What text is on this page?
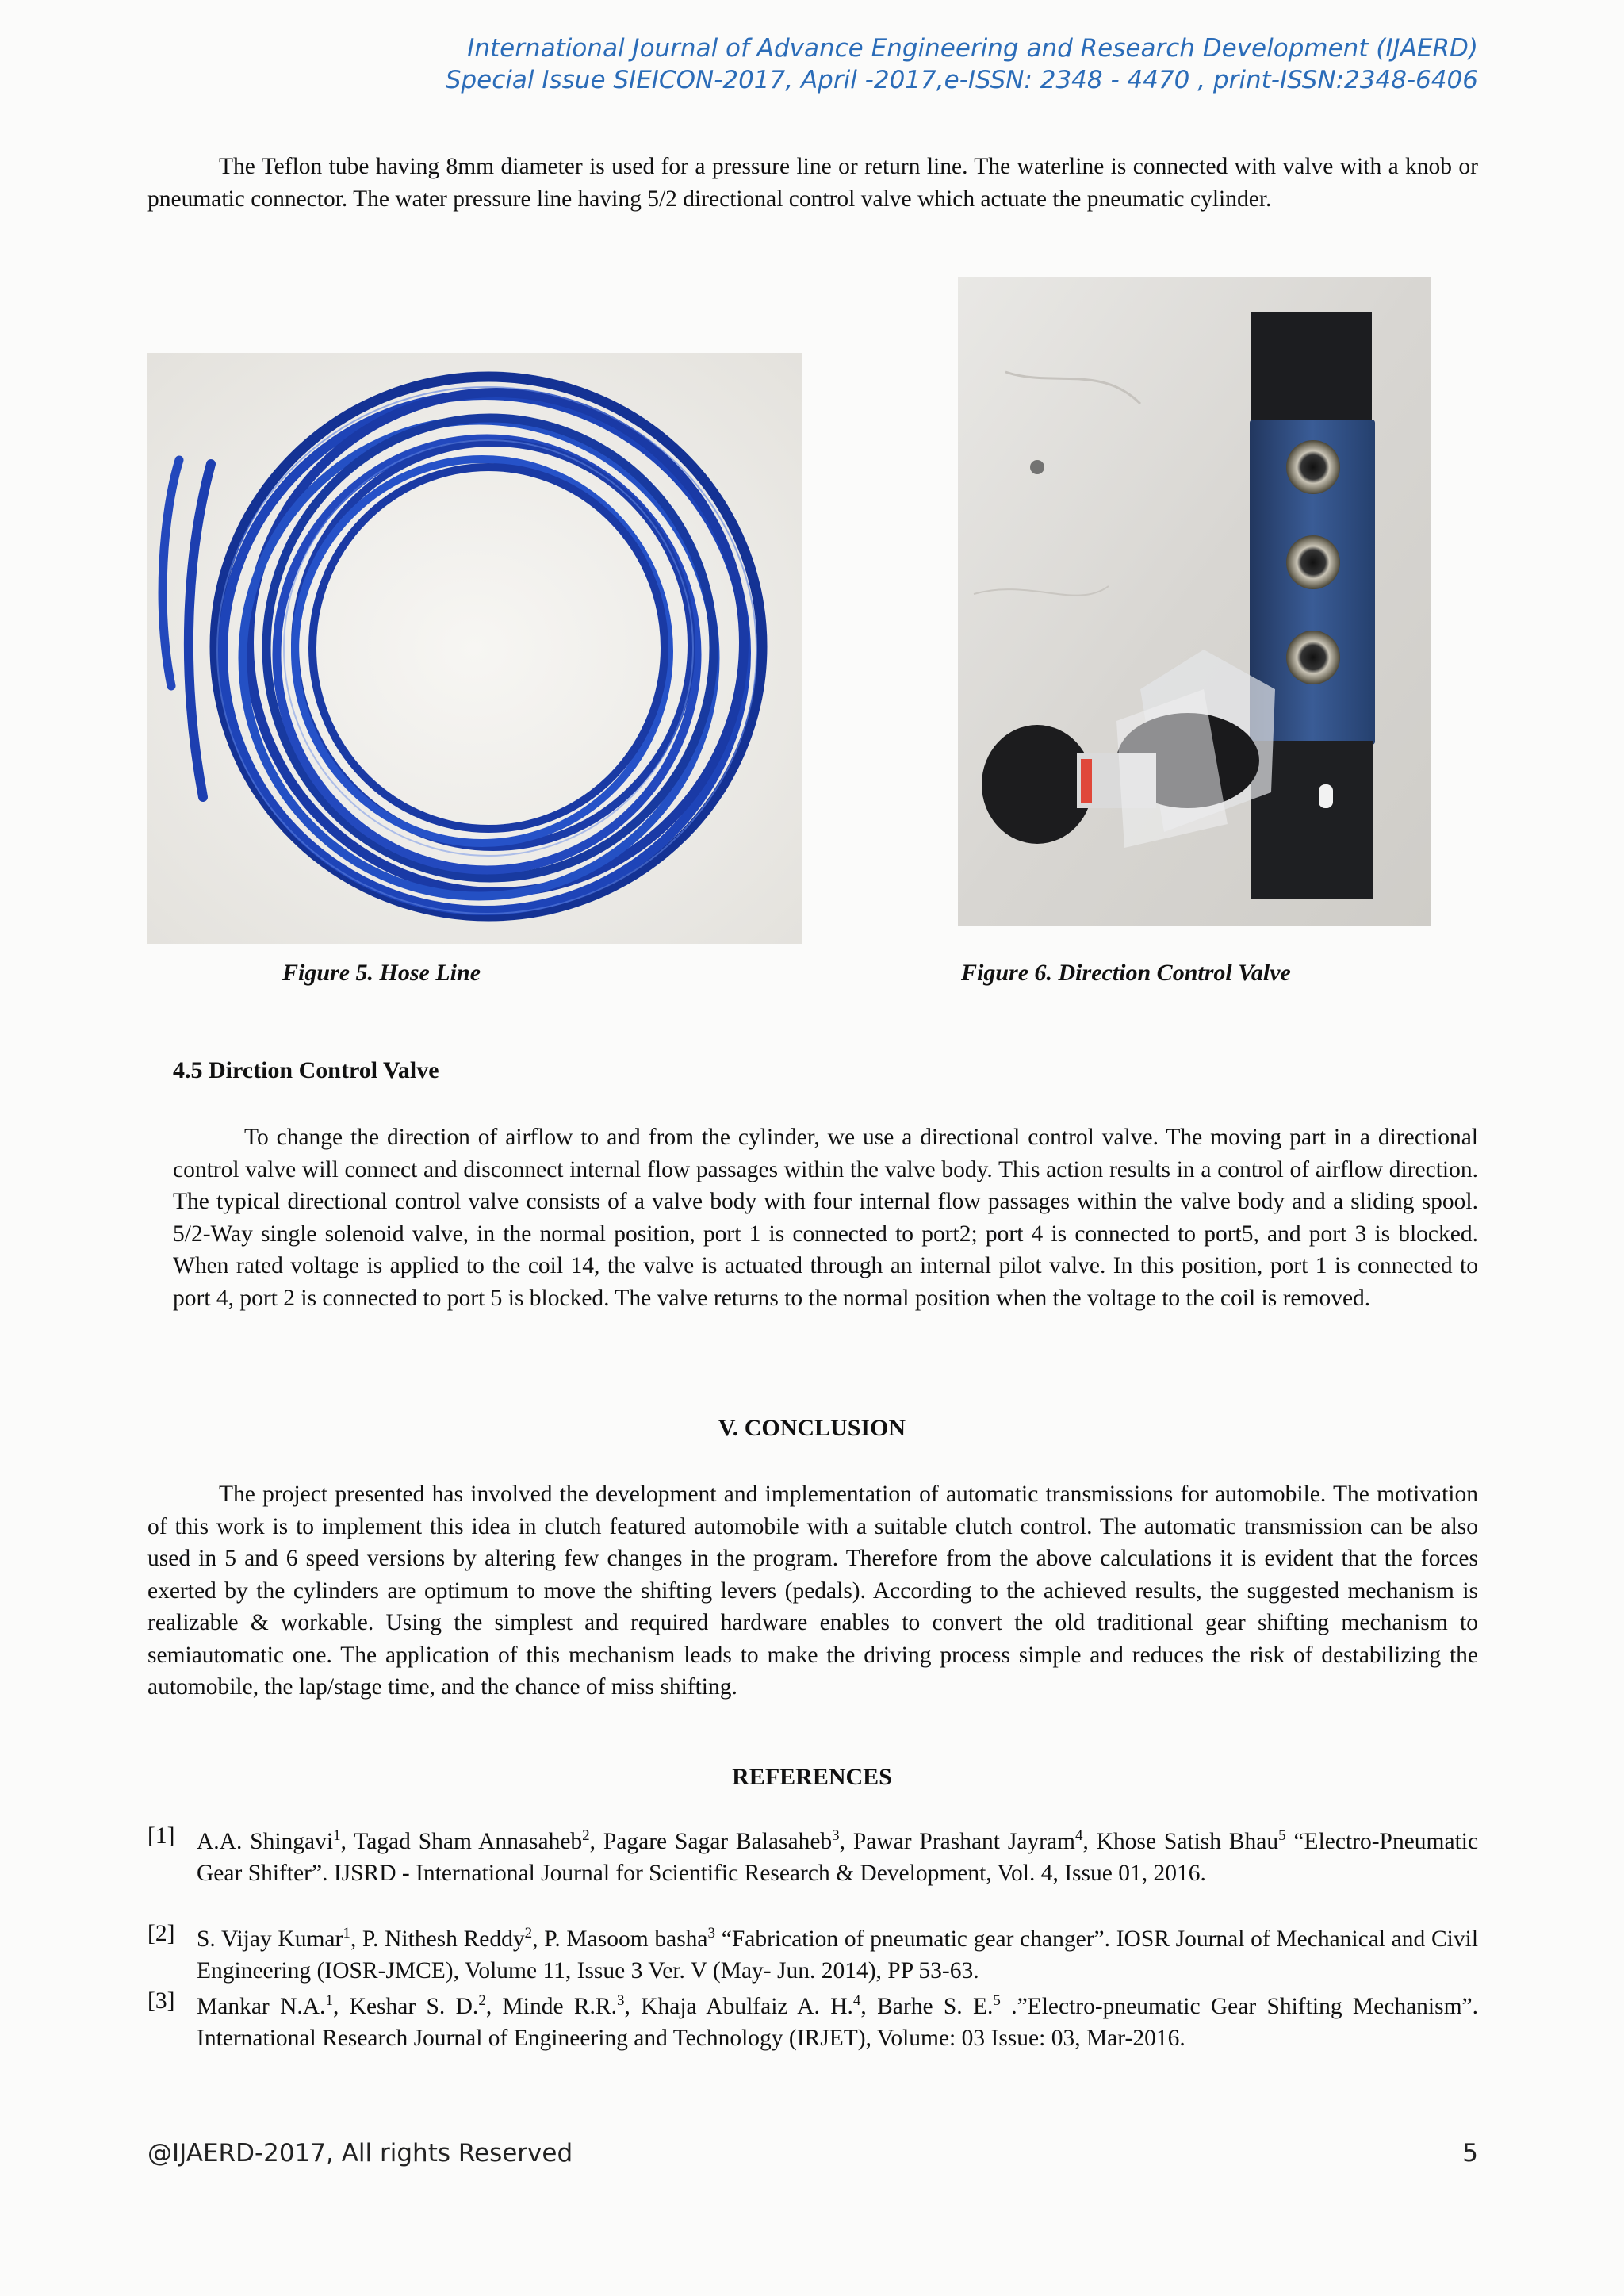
International Journal of Advance Engineering and Research Development (IJAERD)
Special Issue SIEICON-2017, April -2017,e-ISSN: 2348 - 4470 , print-ISSN:2348-6406
The Teflon tube having 8mm diameter is used for a pressure line or return line. The waterline is connected with valve with a knob or pneumatic connector. The water pressure line having 5/2 directional control valve which actuate the pneumatic cylinder.
Figure 5. Hose Line	Figure 6. Direction Control Valve
4.5 Dirction Control Valve
To change the direction of airflow to and from the cylinder, we use a directional control valve. The moving part in a directional control valve will connect and disconnect internal flow passages within the valve body. This action results in a control of airflow direction. The typical directional control valve consists of a valve body with four internal flow passages within the valve body and a sliding spool. 5/2-Way single solenoid valve, in the normal position, port 1 is connected to port2; port 4 is connected to port5, and port 3 is blocked. When rated voltage is applied to the coil 14, the valve is actuated through an internal pilot valve. In this position, port 1 is connected to port 4, port 2 is connected to port 5 is blocked. The valve returns to the normal position when the voltage to the coil is removed.
V. CONCLUSION
The project presented has involved the development and implementation of automatic transmissions for automobile. The motivation of this work is to implement this idea in clutch featured automobile with a suitable clutch control. The automatic transmission can be also used in 5 and 6 speed versions by altering few changes in the program. Therefore from the above calculations it is evident that the forces exerted by the cylinders are optimum to move the shifting levers (pedals). According to the achieved results, the suggested mechanism is realizable & workable. Using the simplest and required hardware enables to convert the old traditional gear shifting mechanism to semiautomatic one. The application of this mechanism leads to make the driving process simple and reduces the risk of destabilizing the automobile, the lap/stage time, and the chance of miss shifting.
REFERENCES
[1] A.A. Shingavi$^1$, Tagad Sham Annasaheb$^2$, Pagare Sagar Balasaheb$^3$, Pawar Prashant Jayram$^4$, Khose Satish Bhau$^5$ “Electro-Pneumatic Gear Shifter”. IJSRD - International Journal for Scientific Research & Development, Vol. 4, Issue 01, 2016.
[2] S. Vijay Kumar$^1$, P. Nithesh Reddy$^2$, P. Masoom basha$^3$ “Fabrication of pneumatic gear changer”. IOSR Journal of Mechanical and Civil Engineering (IOSR-JMCE), Volume 11, Issue 3 Ver. V (May- Jun. 2014), PP 53-63.
[3] Mankar N.A.$^1$, Keshar S. D.$^2$, Minde R.R.$^3$, Khaja Abulfaiz A. H.$^4$, Barhe S. E.$^5$ .”Electro-pneumatic Gear Shifting Mechanism”. International Research Journal of Engineering and Technology (IRJET), Volume: 03 Issue: 03, Mar-2016.
@IJAERD-2017, All rights Reserved	5
